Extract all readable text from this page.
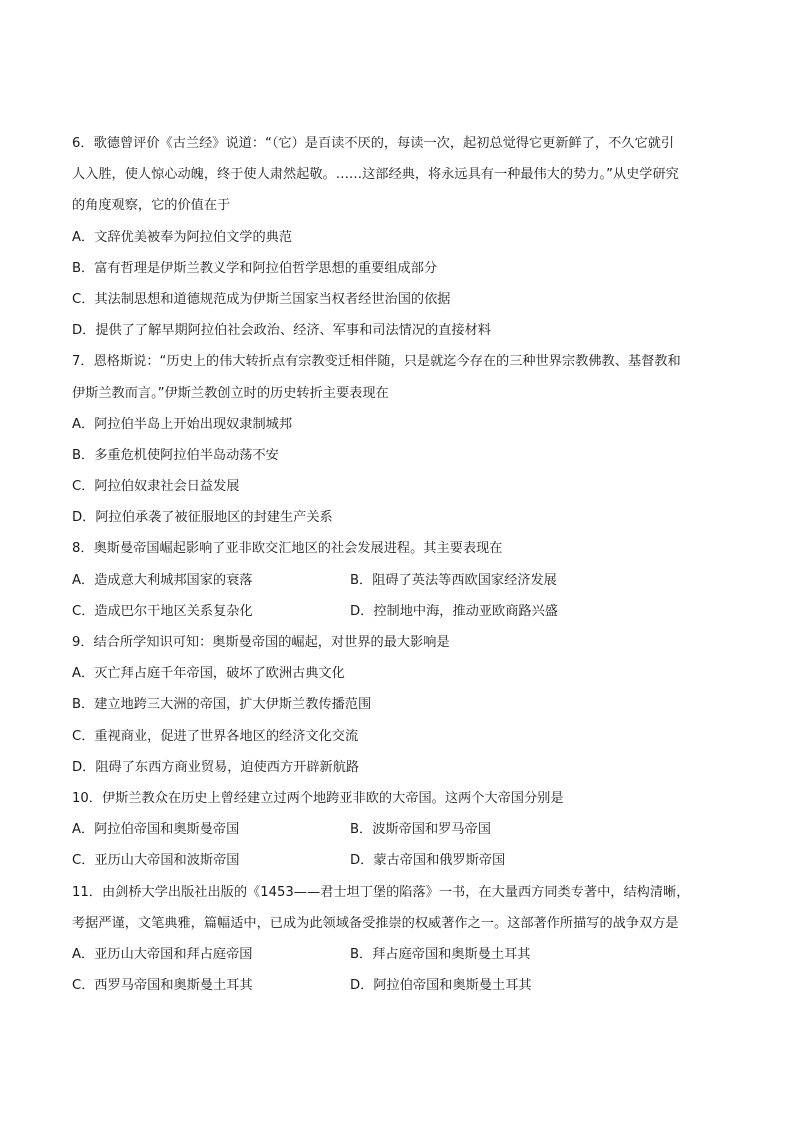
6．歌德曾评价《古兰经》说道：“（它）是百读不厌的，每读一次，起初总觉得它更新鲜了，不久它就引
人入胜，使人惊心动魄，终于使人肃然起敬。……这部经典，将永远具有一种最伟大的势力。”从史学研究
的角度观察，它的价值在于
A．文辞优美被奉为阿拉伯文学的典范
B．富有哲理是伊斯兰教义学和阿拉伯哲学思想的重要组成部分
C．其法制思想和道德规范成为伊斯兰国家当权者经世治国的依据
D．提供了了解早期阿拉伯社会政治、经济、军事和司法情况的直接材料
7．恩格斯说：“历史上的伟大转折点有宗教变迁相伴随，只是就迄今存在的三种世界宗教佛教、基督教和
伊斯兰教而言。”伊斯兰教创立时的历史转折主要表现在
A．阿拉伯半岛上开始出现奴隶制城邦
B．多重危机使阿拉伯半岛动荡不安
C．阿拉伯奴隶社会日益发展
D．阿拉伯承袭了被征服地区的封建生产关系
8．奥斯曼帝国崛起影响了亚非欧交汇地区的社会发展进程。其主要表现在
A．造成意大利城邦国家的衰落	B．阻碍了英法等西欧国家经济发展
C．造成巴尔干地区关系复杂化	D．控制地中海，推动亚欧商路兴盛
9．结合所学知识可知：奥斯曼帝国的崛起，对世界的最大影响是
A．灭亡拜占庭千年帝国，破坏了欧洲古典文化
B．建立地跨三大洲的帝国，扩大伊斯兰教传播范围
C．重视商业，促进了世界各地区的经济文化交流
D．阻碍了东西方商业贸易，迫使西方开辟新航路
10．伊斯兰教众在历史上曾经建立过两个地跨亚非欧的大帝国。这两个大帝国分别是
A．阿拉伯帝国和奥斯曼帝国	B．波斯帝国和罗马帝国
C．亚历山大帝国和波斯帝国	D．蒙古帝国和俄罗斯帝国
11．由剑桥大学出版社出版的《1453——君士坦丁堡的陷落》一书，在大量西方同类专著中，结构清晰，
考据严谨，文笔典雅，篇幅适中，已成为此领域备受推崇的权威著作之一。这部著作所描写的战争双方是
A．亚历山大帝国和拜占庭帝国	B．拜占庭帝国和奥斯曼土耳其
C．西罗马帝国和奥斯曼土耳其	D．阿拉伯帝国和奥斯曼土耳其
